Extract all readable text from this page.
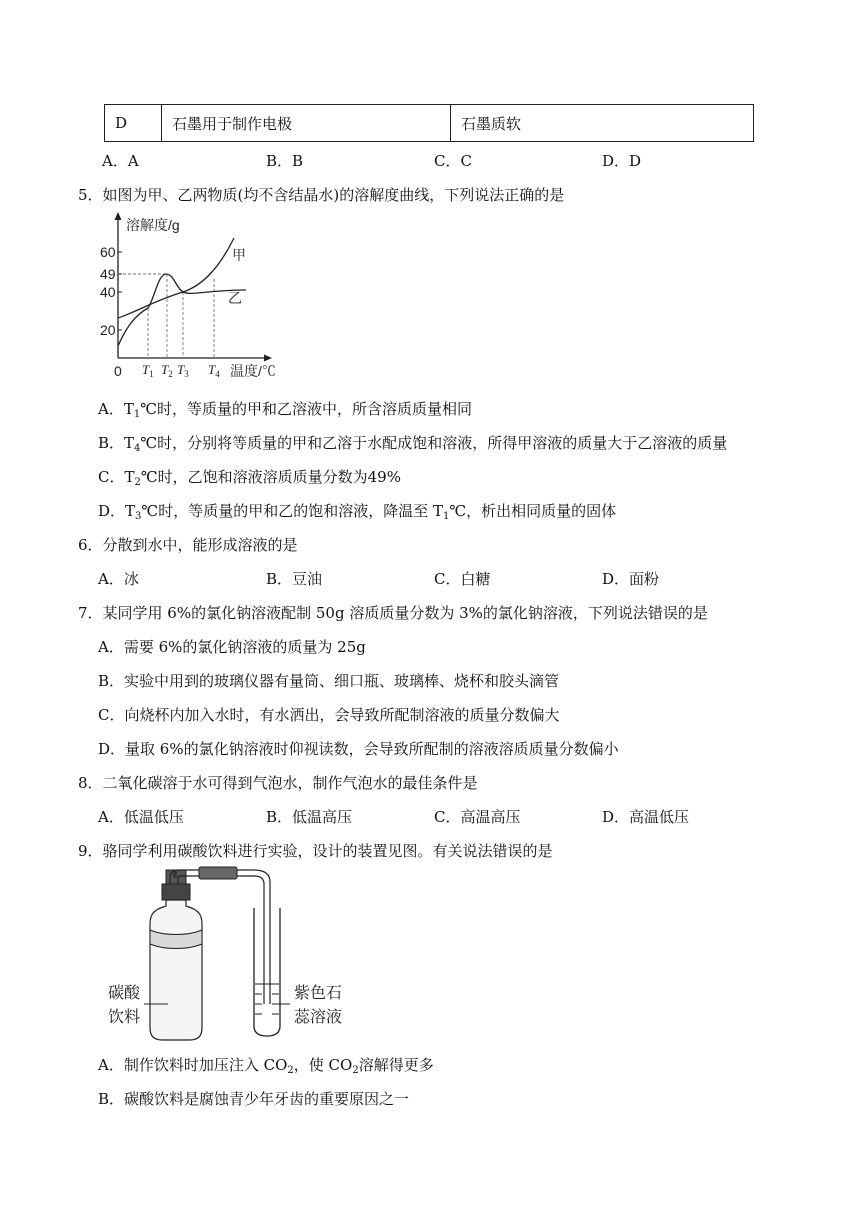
D	石墨用于制作电极	石墨质软
A．A	B．B	C．C	D．D
5．如图为甲、乙两物质(均不含结晶水)的溶解度曲线，下列说法正确的是
溶解度/g
60
49
40
20
0	温度/℃
甲
乙
$T_1$ $T_2$ $T_3$ $T_4$
A．$T_1℃$时，等质量的甲和乙溶液中，所含溶质质量相同
B．$T_4℃$时，分别将等质量的甲和乙溶于水配成饱和溶液，所得甲溶液的质量大于乙溶液的质量
C．$T_2℃$时，乙饱和溶液溶质质量分数为49%
D．$T_3℃$时，等质量的甲和乙的饱和溶液，降温至 $T_1℃$，析出相同质量的固体
6．分散到水中，能形成溶液的是
A．冰	B．豆油	C．白糖	D．面粉
7．某同学用 6%的氯化钠溶液配制 50g 溶质质量分数为 3%的氯化钠溶液，下列说法错误的是
A．需要 6%的氯化钠溶液的质量为 25g
B．实验中用到的玻璃仪器有量筒、细口瓶、玻璃棒、烧杯和胶头滴管
C．向烧杯内加入水时，有水洒出，会导致所配制溶液的质量分数偏大
D．量取 6%的氯化钠溶液时仰视读数，会导致所配制的溶液溶质质量分数偏小
8．二氧化碳溶于水可得到气泡水，制作气泡水的最佳条件是
A．低温低压	B．低温高压	C．高温高压	D．高温低压
9．骆同学利用碳酸饮料进行实验，设计的装置见图。有关说法错误的是
碳酸
饮料
紫色石
蕊溶液
A．制作饮料时加压注入 $CO_2$，使 $CO_2$溶解得更多
B．碳酸饮料是腐蚀青少年牙齿的重要原因之一
